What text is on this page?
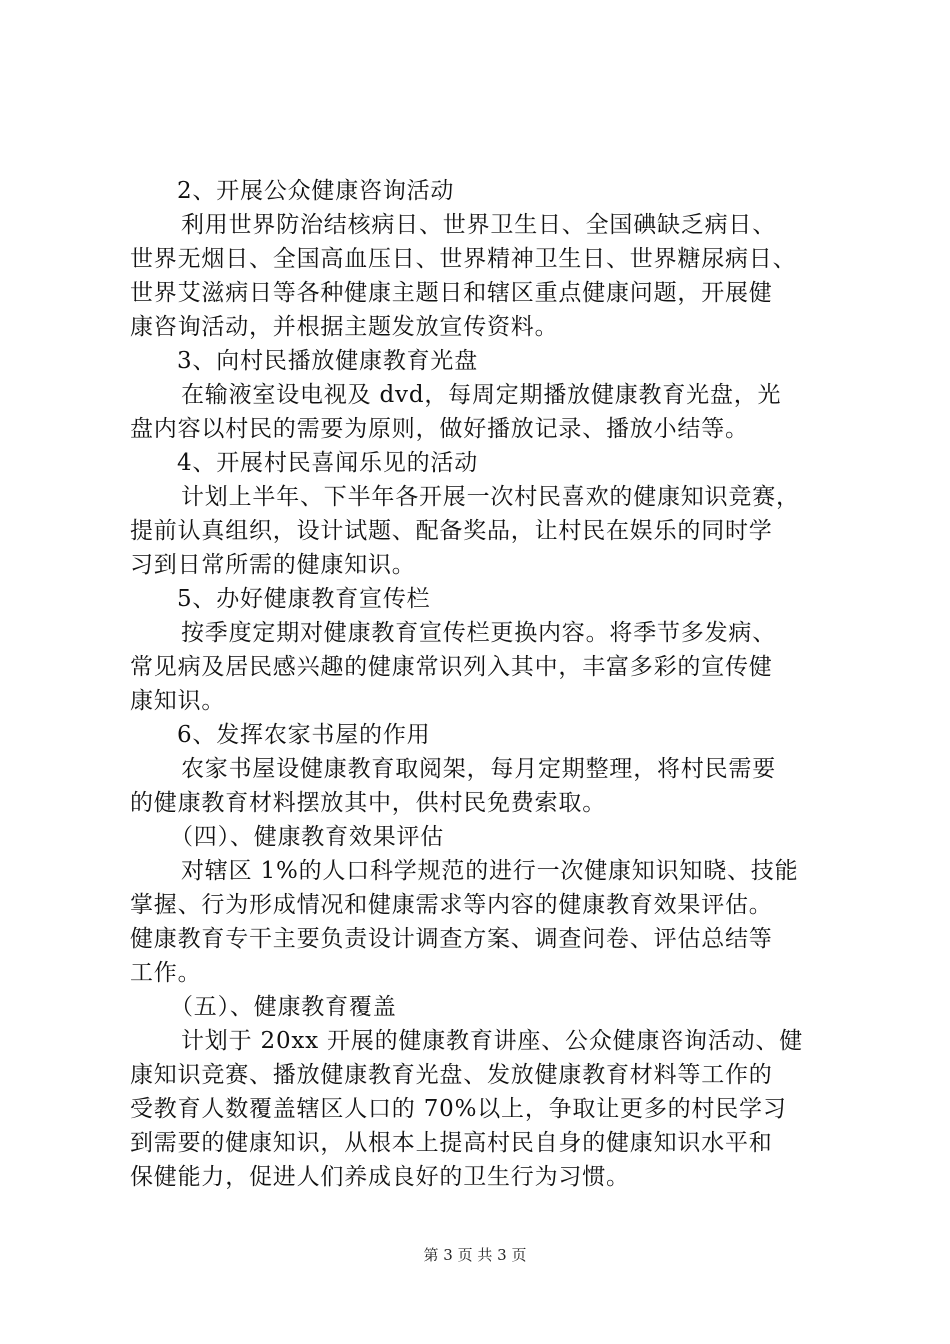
2、开展公众健康咨询活动
利用世界防治结核病日、世界卫生日、全国碘缺乏病日、
世界无烟日、全国高血压日、世界精神卫生日、世界糖尿病日、
世界艾滋病日等各种健康主题日和辖区重点健康问题，开展健
康咨询活动，并根据主题发放宣传资料。
3、向村民播放健康教育光盘
在输液室设电视及 dvd，每周定期播放健康教育光盘，光
盘内容以村民的需要为原则，做好播放记录、播放小结等。
4、开展村民喜闻乐见的活动
计划上半年、下半年各开展一次村民喜欢的健康知识竞赛，
提前认真组织，设计试题、配备奖品，让村民在娱乐的同时学
习到日常所需的健康知识。
5、办好健康教育宣传栏
按季度定期对健康教育宣传栏更换内容。将季节多发病、
常见病及居民感兴趣的健康常识列入其中，丰富多彩的宣传健
康知识。
6、发挥农家书屋的作用
农家书屋设健康教育取阅架，每月定期整理，将村民需要
的健康教育材料摆放其中，供村民免费索取。
（四）、健康教育效果评估
对辖区 1%的人口科学规范的进行一次健康知识知晓、技能
掌握、行为形成情况和健康需求等内容的健康教育效果评估。
健康教育专干主要负责设计调查方案、调查问卷、评估总结等
工作。
（五）、健康教育覆盖
计划于 20xx 开展的健康教育讲座、公众健康咨询活动、健
康知识竞赛、播放健康教育光盘、发放健康教育材料等工作的
受教育人数覆盖辖区人口的 70%以上，争取让更多的村民学习
到需要的健康知识，从根本上提高村民自身的健康知识水平和
保健能力，促进人们养成良好的卫生行为习惯。
第 3 页 共 3 页
